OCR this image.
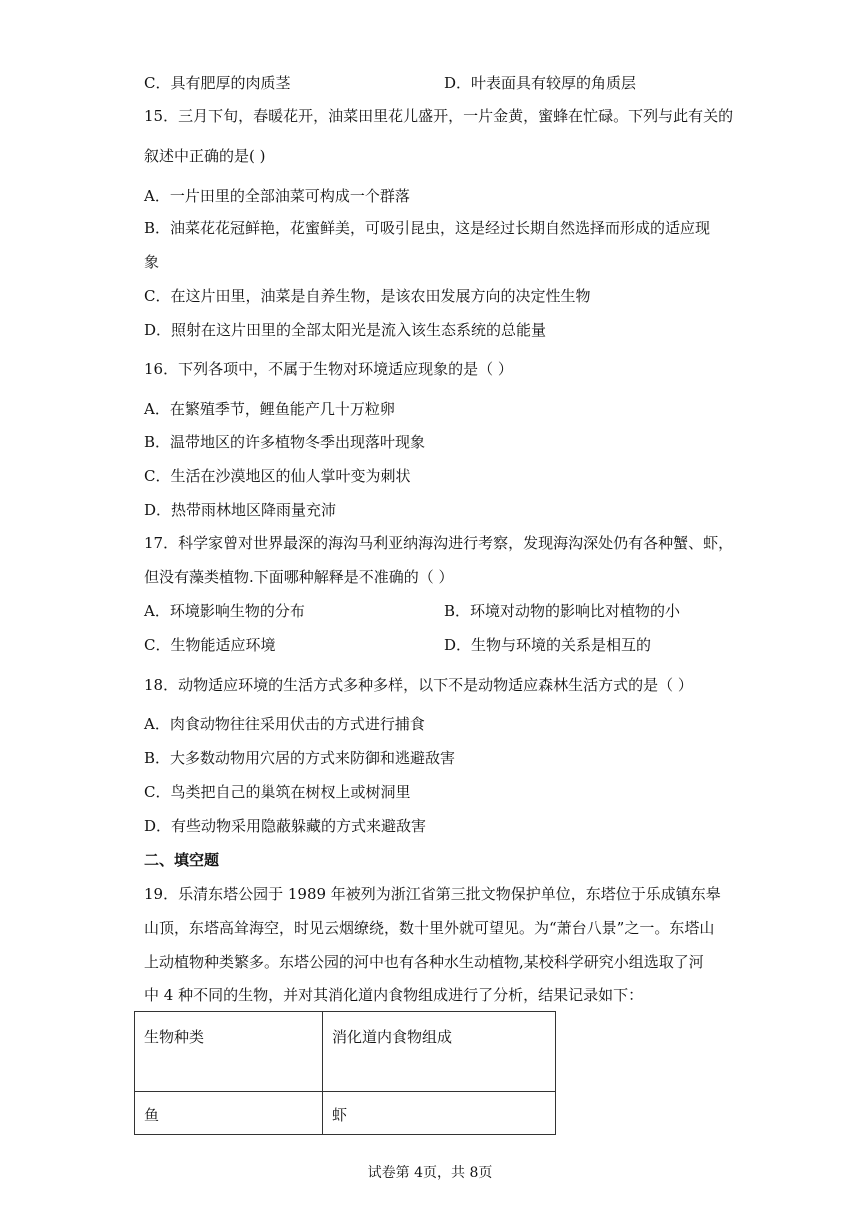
C．具有肥厚的肉质茎	D．叶表面具有较厚的角质层
15．三月下旬，春暖花开，油菜田里花儿盛开，一片金黄，蜜蜂在忙碌。下列与此有关的
叙述中正确的是( )
A．一片田里的全部油菜可构成一个群落
B．油菜花花冠鲜艳，花蜜鲜美，可吸引昆虫，这是经过长期自然选择而形成的适应现
象
C．在这片田里，油菜是自养生物，是该农田发展方向的决定性生物
D．照射在这片田里的全部太阳光是流入该生态系统的总能量
16．下列各项中，不属于生物对环境适应现象的是（ ）
A．在繁殖季节，鲤鱼能产几十万粒卵
B．温带地区的许多植物冬季出现落叶现象
C．生活在沙漠地区的仙人掌叶变为刺状
D．热带雨林地区降雨量充沛
17．科学家曾对世界最深的海沟马利亚纳海沟进行考察，发现海沟深处仍有各种蟹、虾，
但没有藻类植物.下面哪种解释是不准确的（ ）
A．环境影响生物的分布	B．环境对动物的影响比对植物的小
C．生物能适应环境	D．生物与环境的关系是相互的
18．动物适应环境的生活方式多种多样，以下不是动物适应森林生活方式的是（ ）
A．肉食动物往往采用伏击的方式进行捕食
B．大多数动物用穴居的方式来防御和逃避敌害
C．鸟类把自己的巢筑在树杈上或树洞里
D．有些动物采用隐蔽躲藏的方式来避敌害
二、填空题
19．乐清东塔公园于 1989 年被列为浙江省第三批文物保护单位，东塔位于乐成镇东皋
山顶，东塔高耸海空，时见云烟缭绕，数十里外就可望见。为“萧台八景”之一。东塔山
上动植物种类繁多。东塔公园的河中也有各种水生动植物,某校科学研究小组选取了河
中 4 种不同的生物，并对其消化道内食物组成进行了分析，结果记录如下：
生物种类	消化道内食物组成
鱼	虾
试卷第 4页，共 8页
